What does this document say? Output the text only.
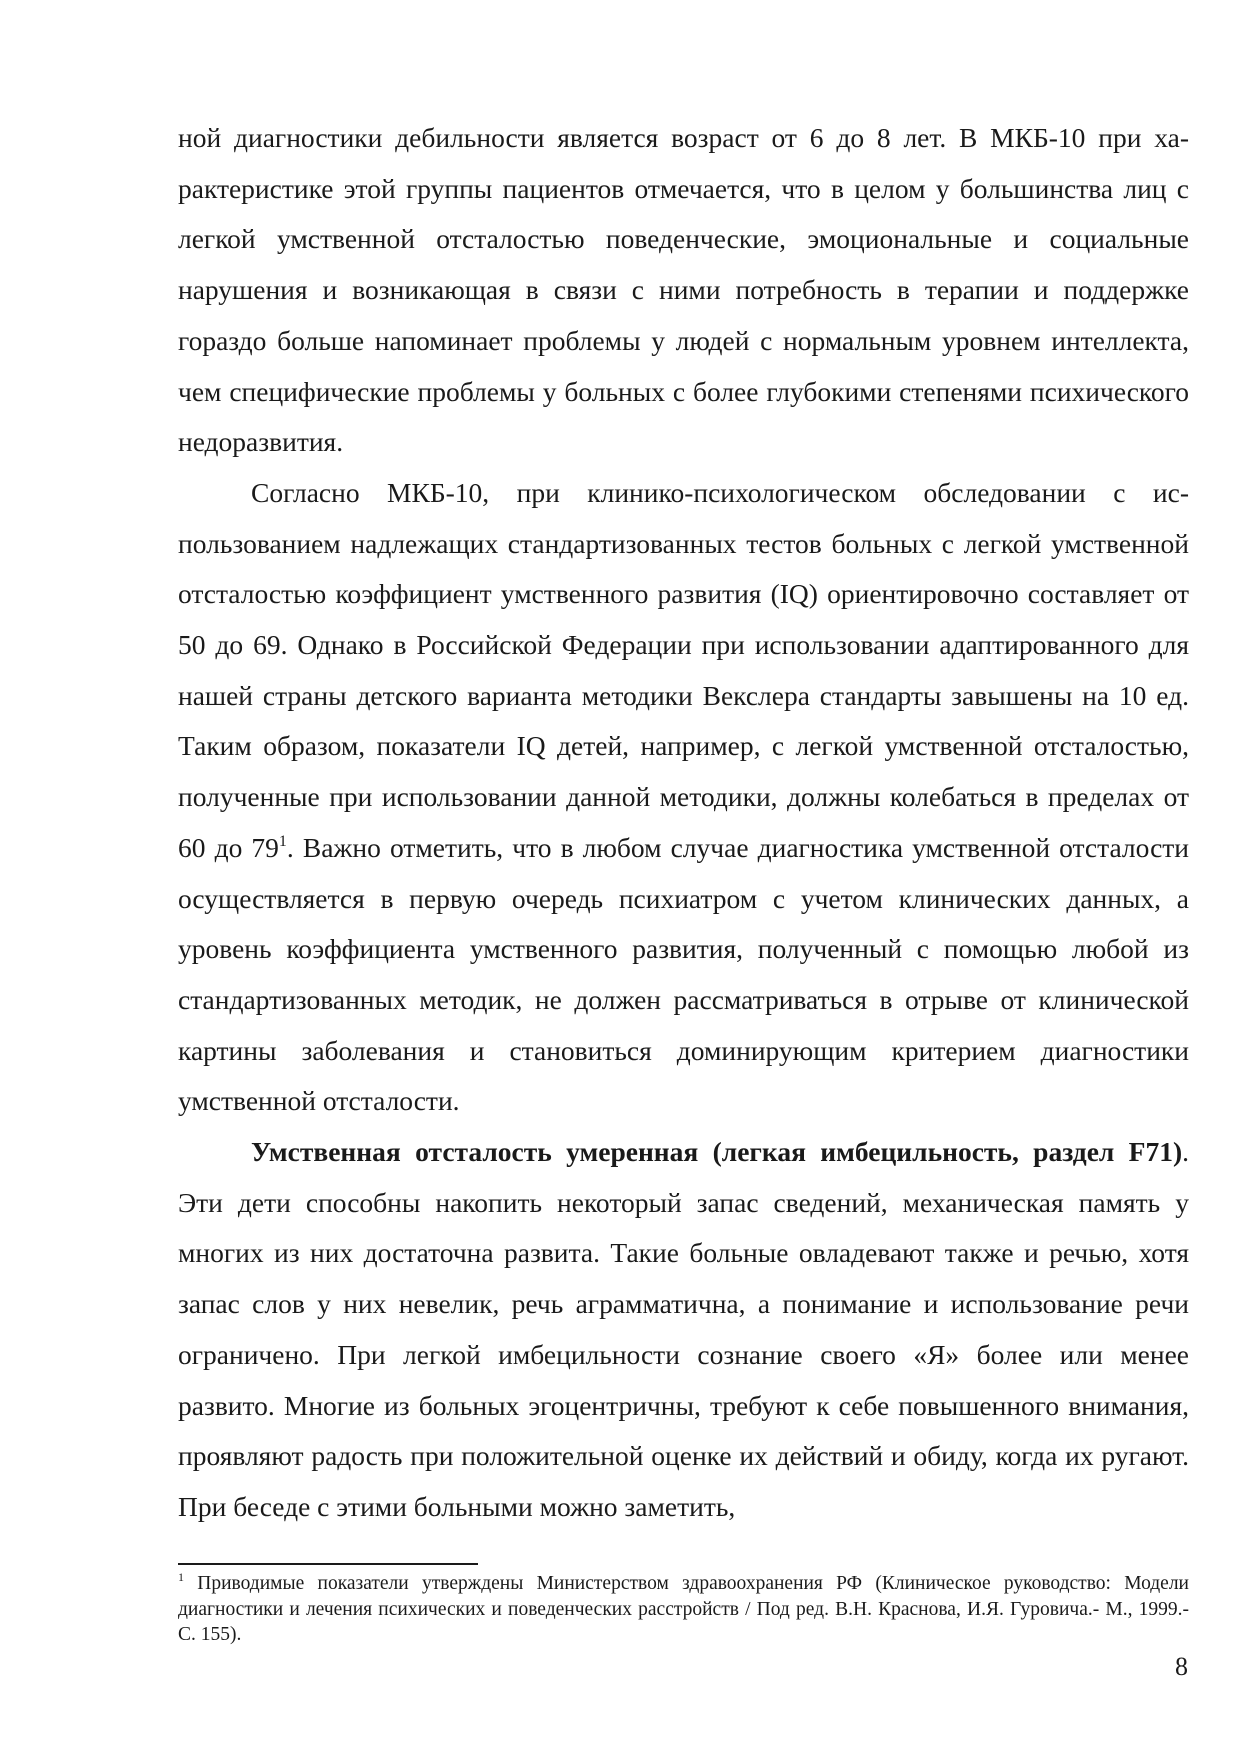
ной диагностики дебильности является возраст от 6 до 8 лет. В МКБ-10 при характеристике этой группы пациентов отмечается, что в целом у большинства лиц с легкой умственной отсталостью поведенческие, эмоциональные и социальные нарушения и возникающая в связи с ними потребность в терапии и поддержке гораздо больше напоминает проблемы у людей с нормальным уровнем интеллекта, чем специфические проблемы у больных с более глубокими степенями психического недоразвития.

Согласно МКБ-10, при клинико-психологическом обследовании с использованием надлежащих стандартизованных тестов больных с легкой умственной отсталостью коэффициент умственного развития (IQ) ориентировочно составляет от 50 до 69. Однако в Российской Федерации при использовании адаптированного для нашей страны детского варианта методики Векслера стандарты завышены на 10 ед. Таким образом, показатели IQ детей, например, с легкой умственной отсталостью, полученные при использовании данной методики, должны колебаться в пределах от 60 до $79^1$. Важно отметить, что в любом случае диагностика умственной отсталости осуществляется в первую очередь психиатром с учетом клинических данных, а уровень коэффициента умственного развития, полученный с помощью любой из стандартизованных методик, не должен рассматриваться в отрыве от клинической картины заболевания и становиться доминирующим критерием диагностики умственной отсталости.

Умственная отсталость умеренная (легкая имбецильность, раздел F71). Эти дети способны накопить некоторый запас сведений, механическая память у многих из них достаточна развита. Такие больные овладевают также и речью, хотя запас слов у них невелик, речь аграмматична, а понимание и использование речи ограничено. При легкой имбецильности сознание своего «Я» более или менее развито. Многие из больных эгоцентричны, требуют к себе повышенного внимания, проявляют радость при положительной оценке их действий и обиду, когда их ругают. При беседе с этими больными можно заметить,

$^1$ Приводимые показатели утверждены Министерством здравоохранения РФ (Клиническое руководство: Модели диагностики и лечения психических и поведенческих расстройств / Под ред. В.Н. Краснова, И.Я. Гуровича.- М., 1999.- С. 155).

8
